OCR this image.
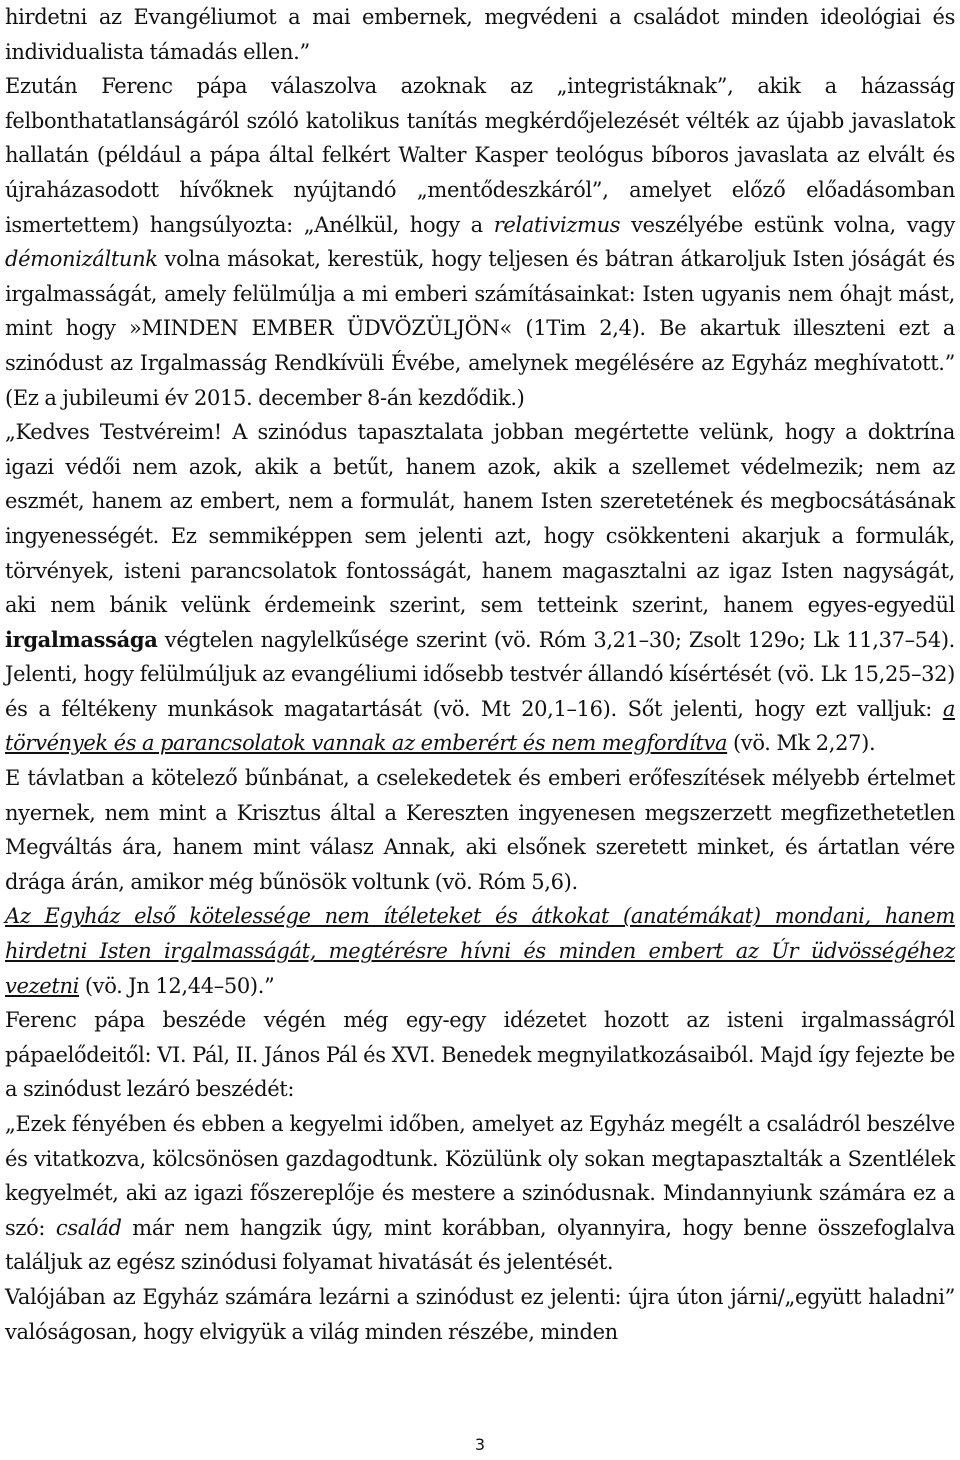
hirdetni az Evangéliumot a mai embernek, megvédeni a családot minden ideológiai és individualista támadás ellen.”

Ezután Ferenc pápa válaszolva azoknak az „integristáknak”, akik a házasság felbonthatatlanságáról szóló katolikus tanítás megkérdőjelezését vélték az újabb javaslatok hallatán (például a pápa által felkért Walter Kasper teológus bíboros javaslata az elvált és újraházasodott hívőknek nyújtandó „mentődeszkáról”, amelyet előző előadásomban ismertettem) hangsúlyozta: „Anélkül, hogy a relativizmus veszélyébe estünk volna, vagy démonizáltunk volna másokat, kerestük, hogy teljesen és bátran átkaroljuk Isten jóságát és irgalmasságát, amely felülmúlja a mi emberi számításainkat: Isten ugyanis nem óhajt mást, mint hogy »MINDEN EMBER ÜDVÖZÜLJÖN« (1Tim 2,4). Be akartuk illeszteni ezt a szinódust az Irgalmasság Rendkívüli Évébe, amelynek megélésére az Egyház meghívatott.” (Ez a jubileumi év 2015. december 8-án kezdődik.)

„Kedves Testvéreim! A szinódus tapasztalata jobban megértette velünk, hogy a doktrína igazi védői nem azok, akik a betűt, hanem azok, akik a szellemet védelmezik; nem az eszmét, hanem az embert, nem a formulát, hanem Isten szeretetének és megbocsátásának ingyenességét. Ez semmiképpen sem jelenti azt, hogy csökkenteni akarjuk a formulák, törvények, isteni parancsolatok fontosságát, hanem magasztalni az igaz Isten nagyságát, aki nem bánik velünk érdemeink szerint, sem tetteink szerint, hanem egyes-egyedül irgalmassága végtelen nagylelkűsége szerint (vö. Róm 3,21–30; Zsolt 129o; Lk 11,37–54). Jelenti, hogy felülmúljuk az evangéliumi idősebb testvér állandó kísértését (vö. Lk 15,25–32) és a féltékeny munkások magatartását (vö. Mt 20,1–16). Sőt jelenti, hogy ezt valljuk: a törvények és a parancsolatok vannak az emberért és nem megfordítva (vö. Mk 2,27).

E távlatban a kötelező bűnbánat, a cselekedetek és emberi erőfeszítések mélyebb értelmet nyernek, nem mint a Krisztus által a Kereszten ingyenesen megszerzett megfizethetetlen Megváltás ára, hanem mint válasz Annak, aki elsőnek szeretett minket, és ártatlan vére drága árán, amikor még bűnösök voltunk (vö. Róm 5,6).

Az Egyház első kötelessége nem ítéleteket és átkokat (anatémákat) mondani, hanem hirdetni Isten irgalmasságát, megtérésre hívni és minden embert az Úr üdvösségéhez vezetni (vö. Jn 12,44–50).”

Ferenc pápa beszéde végén még egy-egy idézetet hozott az isteni irgalmasságról pápaelődeitől: VI. Pál, II. János Pál és XVI. Benedek megnyilatkozásaiból. Majd így fejezte be a szinódust lezáró beszédét:

„Ezek fényében és ebben a kegyelmi időben, amelyet az Egyház megélt a családról beszélve és vitatkozva, kölcsönösen gazdagodtunk. Közülünk oly sokan megtapasztalták a Szentlélek kegyelmét, aki az igazi főszereplője és mestere a szinódusnak. Mindannyiunk számára ez a szó: család már nem hangzik úgy, mint korábban, olyannyira, hogy benne összefoglalva találjuk az egész szinódusi folyamat hivatását és jelentését.

Valójában az Egyház számára lezárni a szinódust ez jelenti: újra úton járni/„együtt haladni” valóságosan, hogy elvigyük a világ minden részébe, minden

3
